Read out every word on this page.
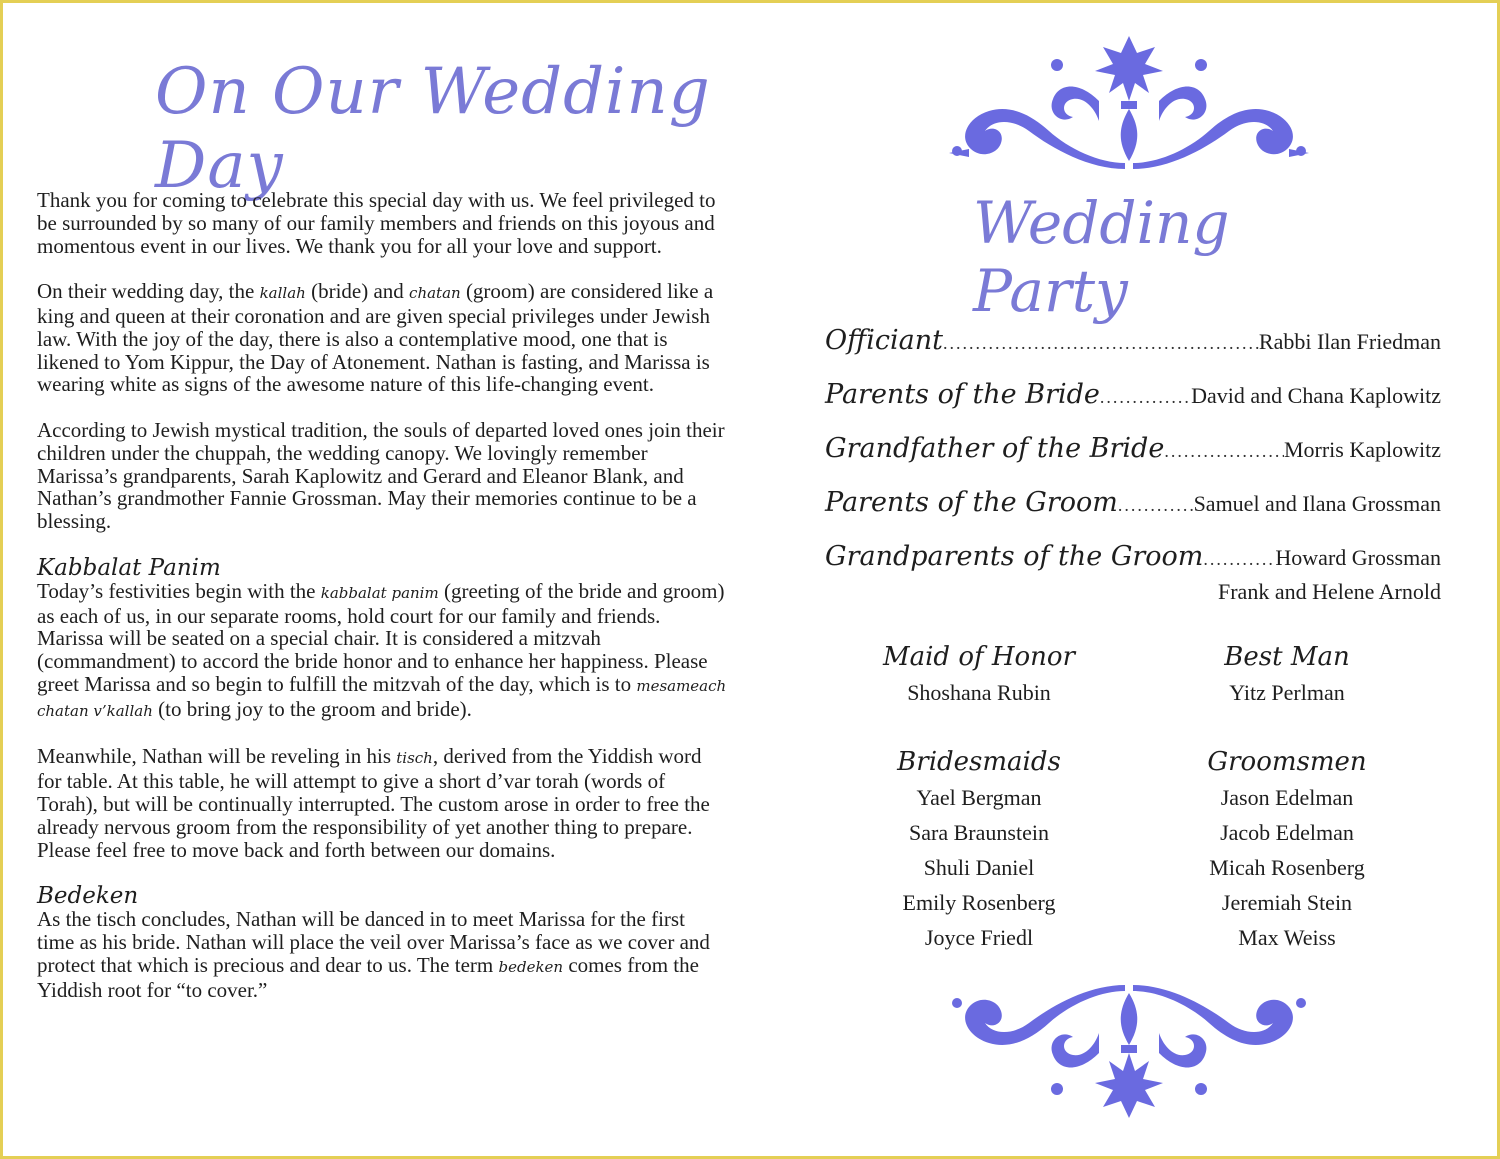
On Our Wedding Day

Thank you for coming to celebrate this special day with us. We feel privileged to be surrounded by so many of our family members and friends on this joyous and momentous event in our lives. We thank you for all your love and support.

On their wedding day, the kallah (bride) and chatan (groom) are considered like a king and queen at their coronation and are given special privileges under Jewish law. With the joy of the day, there is also a contemplative mood, one that is likened to Yom Kippur, the Day of Atonement. Nathan is fasting, and Marissa is wearing white as signs of the awesome nature of this life-changing event.

According to Jewish mystical tradition, the souls of departed loved ones join their children under the chuppah, the wedding canopy. We lovingly remember Marissa’s grandparents, Sarah Kaplowitz and Gerard and Eleanor Blank, and Nathan’s grandmother Fannie Grossman. May their memories continue to be a blessing.

Kabbalat Panim

Today’s festivities begin with the kabbalat panim (greeting of the bride and groom) as each of us, in our separate rooms, hold court for our family and friends. Marissa will be seated on a special chair. It is considered a mitzvah (commandment) to accord the bride honor and to enhance her happiness. Please greet Marissa and so begin to fulfill the mitzvah of the day, which is to mesameach chatan v’kallah (to bring joy to the groom and bride).

Meanwhile, Nathan will be reveling in his tisch, derived from the Yiddish word for table. At this table, he will attempt to give a short d’var torah (words of Torah), but will be continually interrupted. The custom arose in order to free the already nervous groom from the responsibility of yet another thing to prepare. Please feel free to move back and forth between our domains.

Bedeken

As the tisch concludes, Nathan will be danced in to meet Marissa for the first time as his bride. Nathan will place the veil over Marissa’s face as we cover and protect that which is precious and dear to us. The term bedeken comes from the Yiddish root for “to cover.”

Wedding Party
Officiant .....	Rabbi Ilan Friedman
Parents of the Bride .....	David and Chana Kaplowitz
Grandfather of the Bride .....	Morris Kaplowitz
Parents of the Groom .....	Samuel and Ilana Grossman
Grandparents of the Groom .....	Howard Grossman
Frank and Helene Arnold
Maid of Honor
Shoshana Rubin
Best Man
Yitz Perlman
Bridesmaids
Yael Bergman
Sara Braunstein
Shuli Daniel
Emily Rosenberg
Joyce Friedl
Groomsmen
Jason Edelman
Jacob Edelman
Micah Rosenberg
Jeremiah Stein
Max Weiss
